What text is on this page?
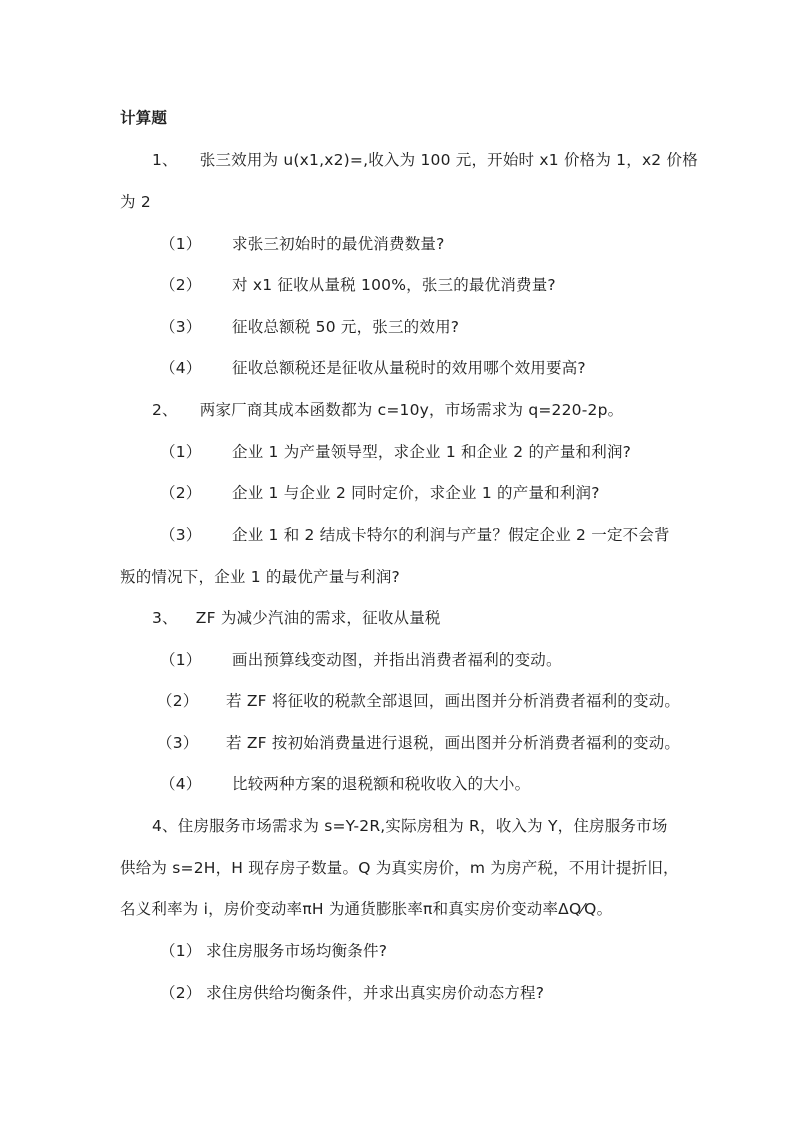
计算题
1、 张三效用为 u(x1,x2)=,收入为 100 元，开始时 x1 价格为 1，x2 价格
为 2
（1） 求张三初始时的最优消费数量?
（2） 对 x1 征收从量税 100%，张三的最优消费量?
（3） 征收总额税 50 元，张三的效用?
（4） 征收总额税还是征收从量税时的效用哪个效用要高?
2、 两家厂商其成本函数都为 c=10y，市场需求为 q=220-2p。
（1） 企业 1 为产量领导型，求企业 1 和企业 2 的产量和利润?
（2） 企业 1 与企业 2 同时定价，求企业 1 的产量和利润?
（3） 企业 1 和 2 结成卡特尔的利润与产量？假定企业 2 一定不会背
叛的情况下，企业 1 的最优产量与利润?
3、 ZF 为减少汽油的需求，征收从量税
（1） 画出预算线变动图，并指出消费者福利的变动。
（2） 若 ZF 将征收的税款全部退回，画出图并分析消费者福利的变动。
（3） 若 ZF 按初始消费量进行退税，画出图并分析消费者福利的变动。
（4） 比较两种方案的退税额和税收收入的大小。
4、住房服务市场需求为 s=Y-2R,实际房租为 R，收入为 Y，住房服务市场
供给为 s=2H，H 现存房子数量。Q 为真实房价，m 为房产税，不用计提折旧，
名义利率为 i，房价变动率πH 为通货膨胀率π和真实房价变动率ΔQ⁄Q。
（1） 求住房服务市场均衡条件?
（2） 求住房供给均衡条件，并求出真实房价动态方程?
